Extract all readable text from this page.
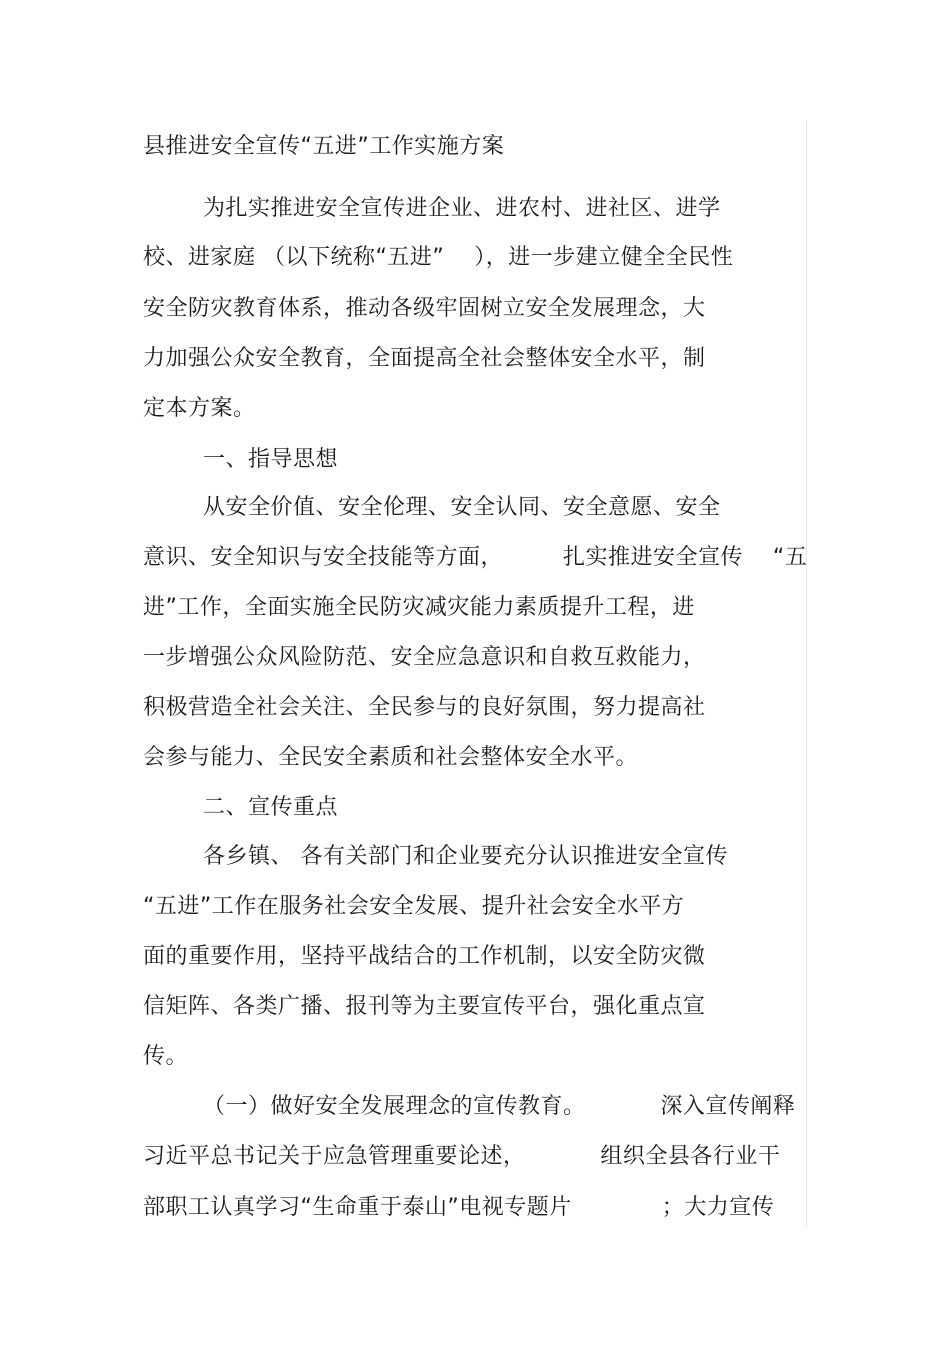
县推进安全宣传“五进”工作实施方案
为扎实推进安全宣传进企业、进农村、进社区、进学
校、进家庭 （以下统称“五进”    ），进一步建立健全全民性
安全防灾教育体系，推动各级牢固树立安全发展理念，大
力加强公众安全教育，全面提高全社会整体安全水平，制
定本方案。
一、指导思想
从安全价值、安全伦理、安全认同、安全意愿、安全
意识、安全知识与安全技能等方面，        扎实推进安全宣传    “五
进”工作，全面实施全民防灾减灾能力素质提升工程，进
一步增强公众风险防范、安全应急意识和自救互救能力，
积极营造全社会关注、全民参与的良好氛围，努力提高社
会参与能力、全民安全素质和社会整体安全水平。
二、宣传重点
各乡镇、 各有关部门和企业要充分认识推进安全宣传
“五进”工作在服务社会安全发展、提升社会安全水平方
面的重要作用，坚持平战结合的工作机制，以安全防灾微
信矩阵、各类广播、报刊等为主要宣传平台，强化重点宣
传。
（一）做好安全发展理念的宣传教育。          深入宣传阐释
习近平总书记关于应急管理重要论述，          组织全县各行业干
部职工认真学习“生命重于泰山”电视专题片            ；大力宣传
